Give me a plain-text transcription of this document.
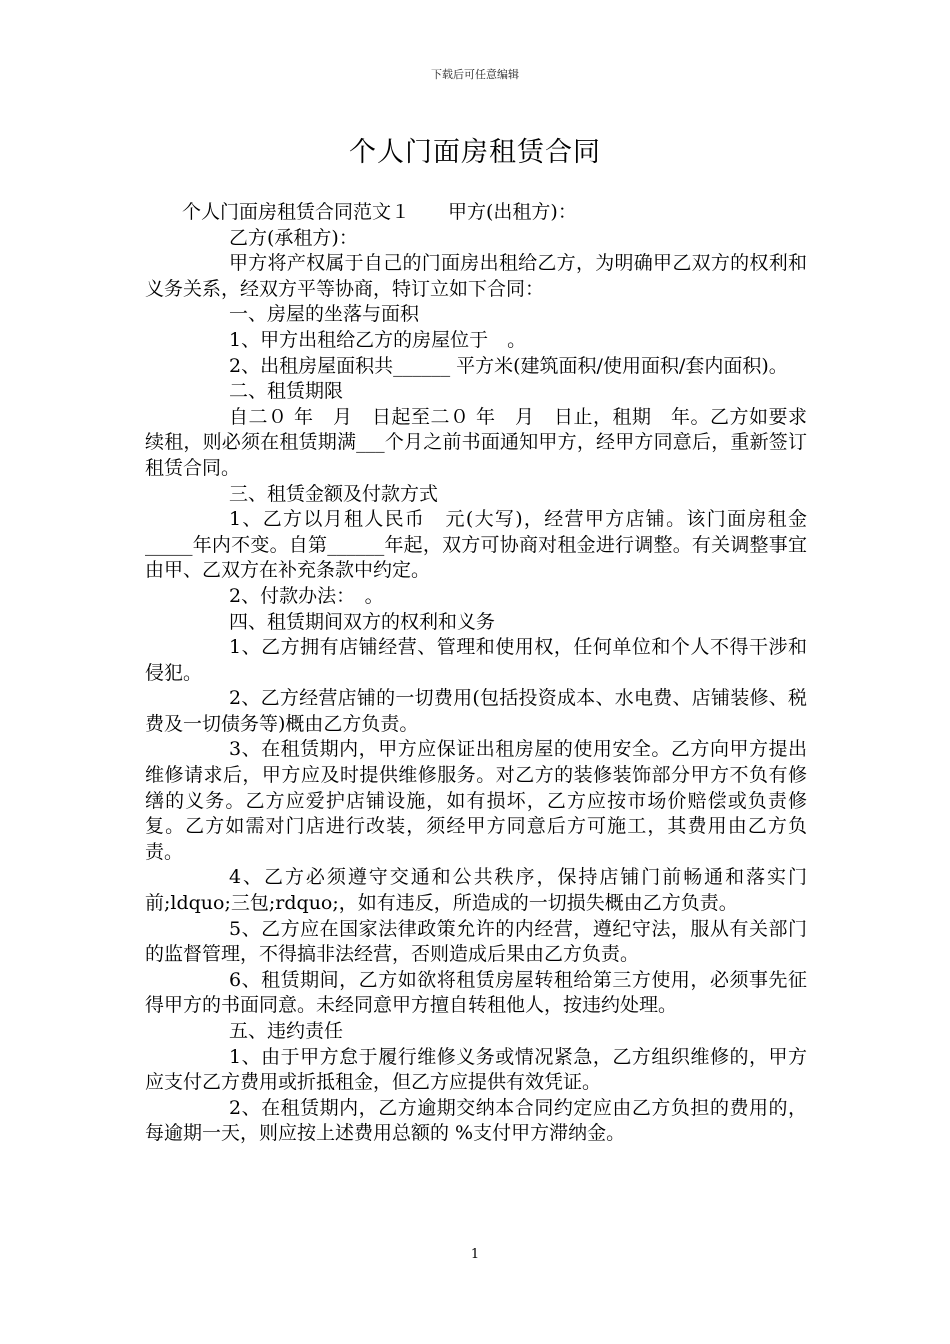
下载后可任意编辑
个人门面房租赁合同

个人门面房租赁合同范文１　　甲方(出租方)：

乙方(承租方)：

甲方将产权属于自己的门面房出租给乙方，为明确甲乙双方的权利和义务关系，经双方平等协商，特订立如下合同：

一、房屋的坐落与面积

1、甲方出租给乙方的房屋位于　。

2、出租房屋面积共______ 平方米(建筑面积/使用面积/套内面积)。

二、租赁期限

自二０ 年　月　日起至二０ 年　月　日止，租期　年。乙方如要求续租，则必须在租赁期满___个月之前书面通知甲方，经甲方同意后，重新签订租赁合同。

三、租赁金额及付款方式

1、乙方以月租人民币　元(大写)，经营甲方店铺。该门面房租金_____年内不变。自第______年起，双方可协商对租金进行调整。有关调整事宜由甲、乙双方在补充条款中约定。

2、付款办法：　。

四、租赁期间双方的权利和义务

1、乙方拥有店铺经营、管理和使用权，任何单位和个人不得干涉和侵犯。

2、乙方经营店铺的一切费用(包括投资成本、水电费、店铺装修、税费及一切债务等)概由乙方负责。

3、在租赁期内，甲方应保证出租房屋的使用安全。乙方向甲方提出维修请求后，甲方应及时提供维修服务。对乙方的装修装饰部分甲方不负有修缮的义务。乙方应爱护店铺设施，如有损坏，乙方应按市场价赔偿或负责修复。乙方如需对门店进行改装，须经甲方同意后方可施工，其费用由乙方负责。

4、乙方必须遵守交通和公共秩序，保持店铺门前畅通和落实门前;ldquo;三包;rdquo;，如有违反，所造成的一切损失概由乙方负责。

5、乙方应在国家法律政策允许的内经营，遵纪守法，服从有关部门的监督管理，不得搞非法经营，否则造成后果由乙方负责。

6、租赁期间，乙方如欲将租赁房屋转租给第三方使用，必须事先征得甲方的书面同意。未经同意甲方擅自转租他人，按违约处理。

五、违约责任

1、由于甲方怠于履行维修义务或情况紧急，乙方组织维修的，甲方应支付乙方费用或折抵租金，但乙方应提供有效凭证。

2、在租赁期内，乙方逾期交纳本合同约定应由乙方负担的费用的，每逾期一天，则应按上述费用总额的 %支付甲方滞纳金。

1
